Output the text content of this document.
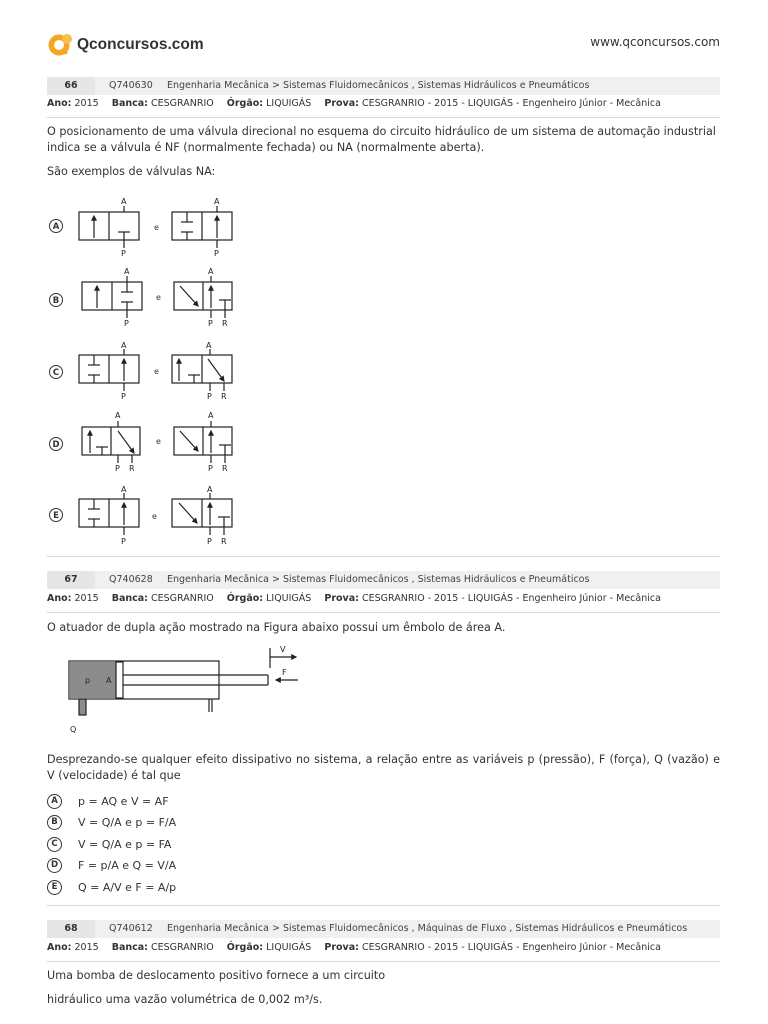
Qconcursos.com	www.qconcursos.com
66	Q740630 Engenharia Mecânica > Sistemas Fluidomecânicos , Sistemas Hidráulicos e Pneumáticos
Ano: 2015 Banca: CESGRANRIO Órgão: LIQUIGÁS Prova: CESGRANRIO - 2015 - LIQUIGÁS - Engenheiro Júnior - Mecânica
O posicionamento de uma válvula direcional no esquema do circuito hidráulico de um sistema de automação industrial indica se a válvula é NF (normalmente fechada) ou NA (normalmente aberta).
São exemplos de válvulas NA:
A
B
C
D
E
e
e
e
e
e
A
P
A
P
A
P
A
P R
A
P
A
P R
A
P R
A
P R
A
P
A
P R
67	Q740628 Engenharia Mecânica > Sistemas Fluidomecânicos , Sistemas Hidráulicos e Pneumáticos
Ano: 2015 Banca: CESGRANRIO Órgão: LIQUIGÁS Prova: CESGRANRIO - 2015 - LIQUIGÁS - Engenheiro Júnior - Mecânica
O atuador de dupla ação mostrado na Figura abaixo possui um êmbolo de área A.
V
F
p A
Q
Desprezando-se qualquer efeito dissipativo no sistema, a relação entre as variáveis p (pressão), F (força), Q (vazão) e V (velocidade) é tal que
A	p = AQ e V = AF
B	V = Q/A e p = F/A
C	V = Q/A e p = FA
D	F = p/A e Q = V/A
E	Q = A/V e F = A/p
68	Q740612 Engenharia Mecânica > Sistemas Fluidomecânicos , Máquinas de Fluxo , Sistemas Hidráulicos e Pneumáticos
Ano: 2015 Banca: CESGRANRIO Órgão: LIQUIGÁS Prova: CESGRANRIO - 2015 - LIQUIGÁS - Engenheiro Júnior - Mecânica
Uma bomba de deslocamento positivo fornece a um circuito
hidráulico uma vazão volumétrica de 0,002 m³/s.
